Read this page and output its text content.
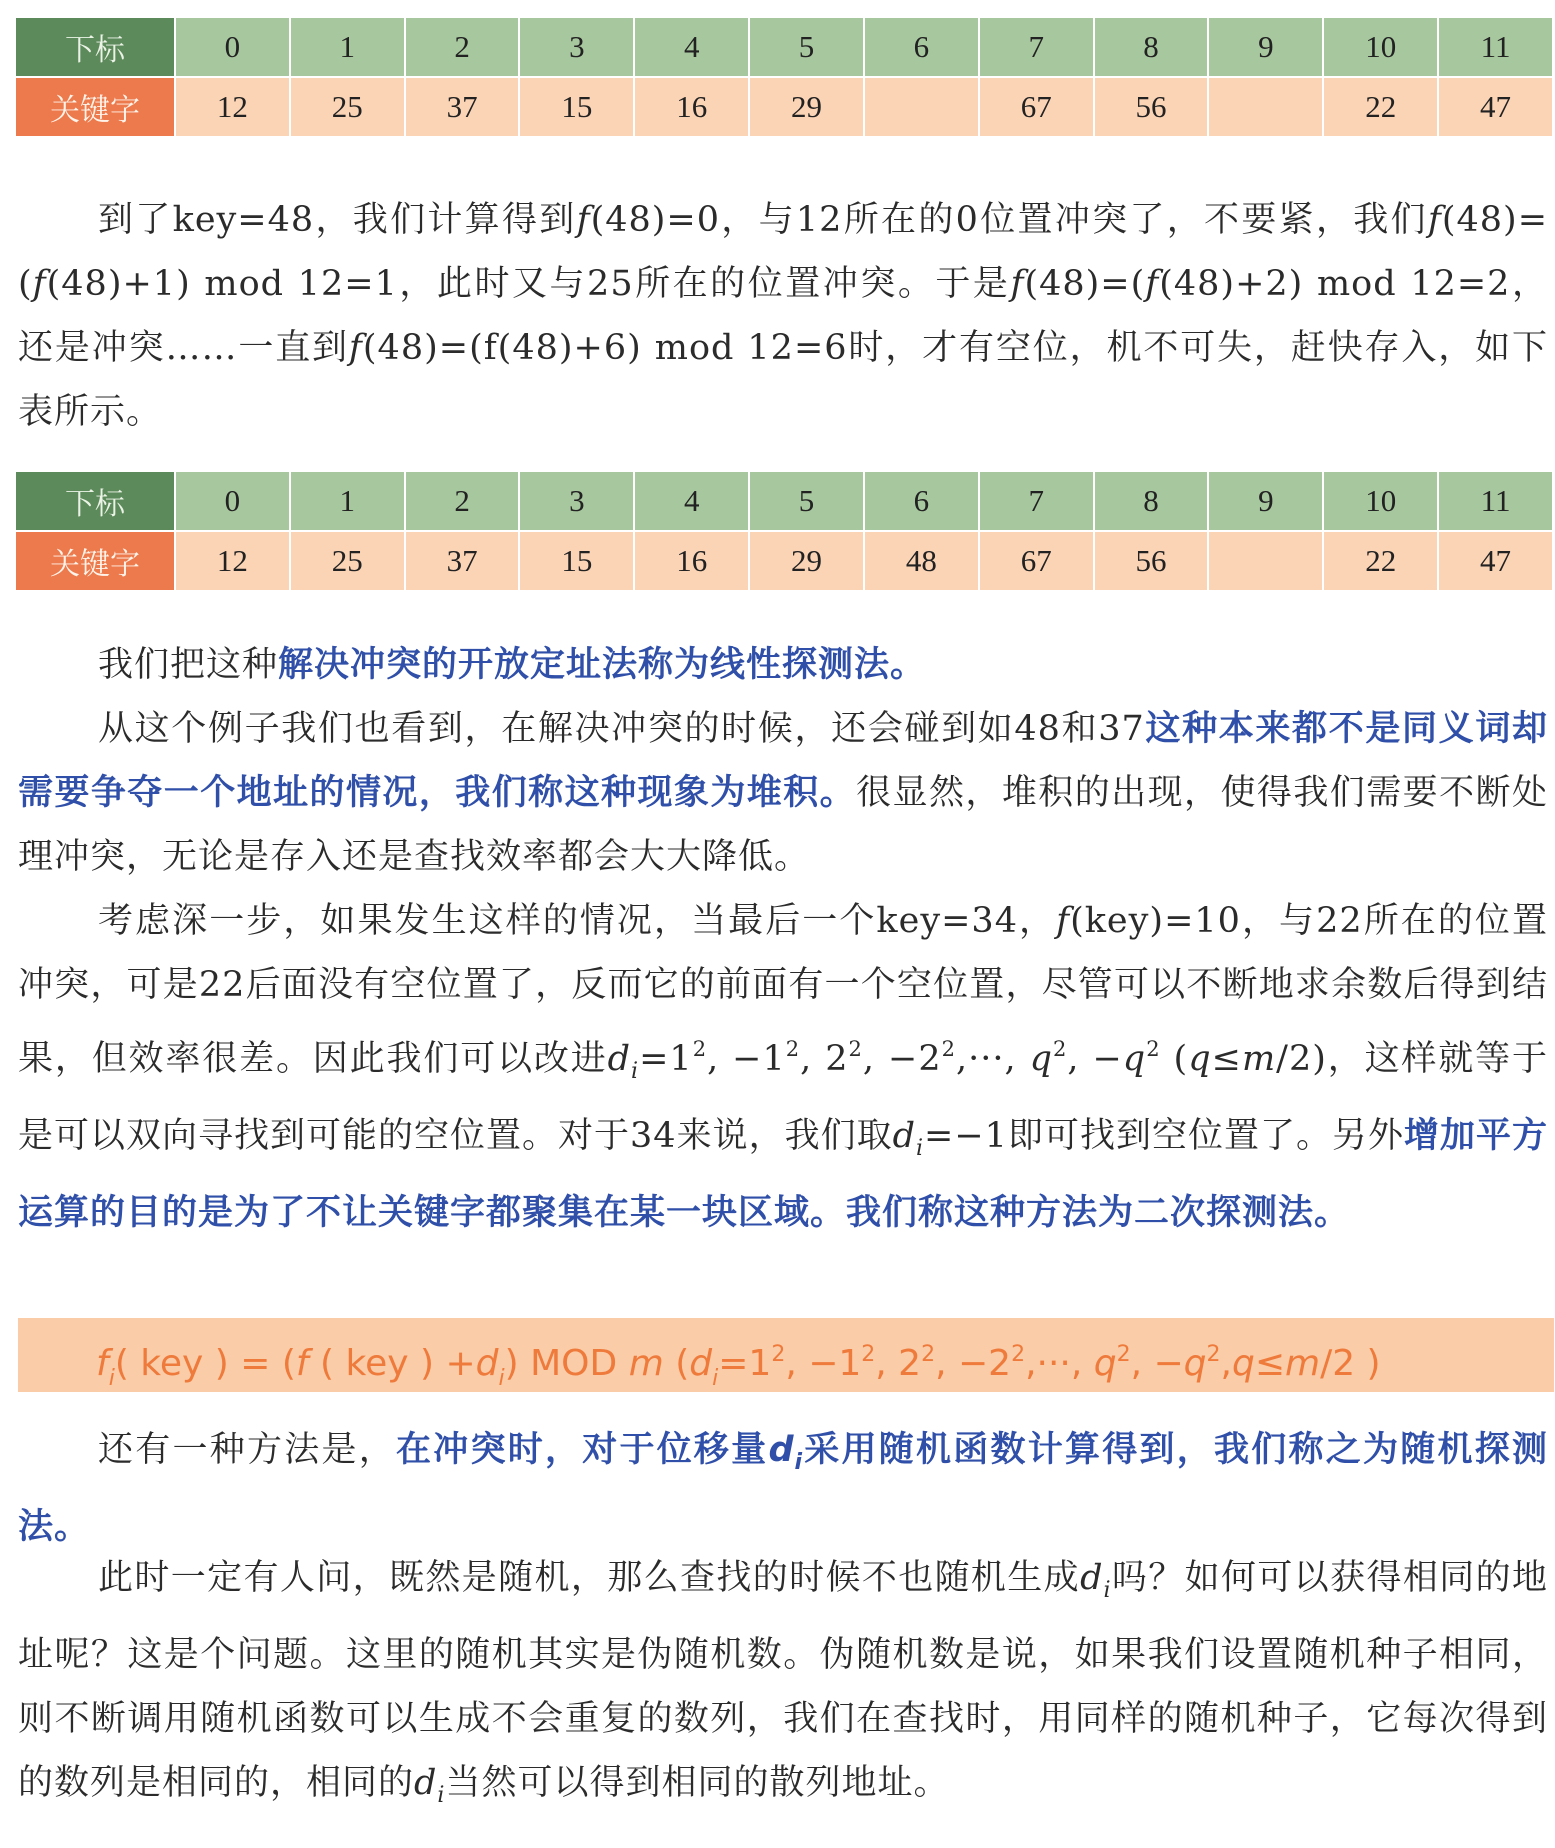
下标	0	1	2	3	4	5	6	7	8	9	10	11
关键字	12	25	37	15	16	29		67	56		22	47

到了key=48，我们计算得到f(48)=0，与12所在的0位置冲突了，不要紧，我们f(48)=(f(48)+1) mod 12=1，此时又与25所在的位置冲突。于是f(48)=(f(48)+2) mod 12=2，还是冲突……一直到f(48)=(f(48)+6) mod 12=6时，才有空位，机不可失，赶快存入，如下表所示。

下标	0	1	2	3	4	5	6	7	8	9	10	11
关键字	12	25	37	15	16	29	48	67	56		22	47

我们把这种解决冲突的开放定址法称为线性探测法。

从这个例子我们也看到，在解决冲突的时候，还会碰到如48和37这种本来都不是同义词却需要争夺一个地址的情况，我们称这种现象为堆积。很显然，堆积的出现，使得我们需要不断处理冲突，无论是存入还是查找效率都会大大降低。

考虑深一步，如果发生这样的情况，当最后一个key=34，f(key)=10，与22所在的位置冲突，可是22后面没有空位置了，反而它的前面有一个空位置，尽管可以不断地求余数后得到结果，但效率很差。因此我们可以改进$d_i=1^2$, $-1^2$, $2^2$, $-2^2,\cdot\cdot\cdot$, $q^2$, $-q^2$ (q≤m/2)，这样就等于是可以双向寻找到可能的空位置。对于34来说，我们取$d_i=-1$即可找到空位置了。另外增加平方运算的目的是为了不让关键字都聚集在某一块区域。我们称这种方法为二次探测法。

$f_i$( key ) = (f ( key ) $+d_i$) MOD m ($d_i=1^2$, $-1^2$, $2^2$, $-2^2,\cdot\cdot\cdot$, $q^2$, $-q^2,q\le m/2$ )

还有一种方法是，在冲突时，对于位移量$d_i$采用随机函数计算得到，我们称之为随机探测法。

此时一定有人问，既然是随机，那么查找的时候不也随机生成$d_i$吗？如何可以获得相同的地址呢？这是个问题。这里的随机其实是伪随机数。伪随机数是说，如果我们设置随机种子相同，则不断调用随机函数可以生成不会重复的数列，我们在查找时，用同样的随机种子，它每次得到的数列是相同的，相同的$d_i$当然可以得到相同的散列地址。
